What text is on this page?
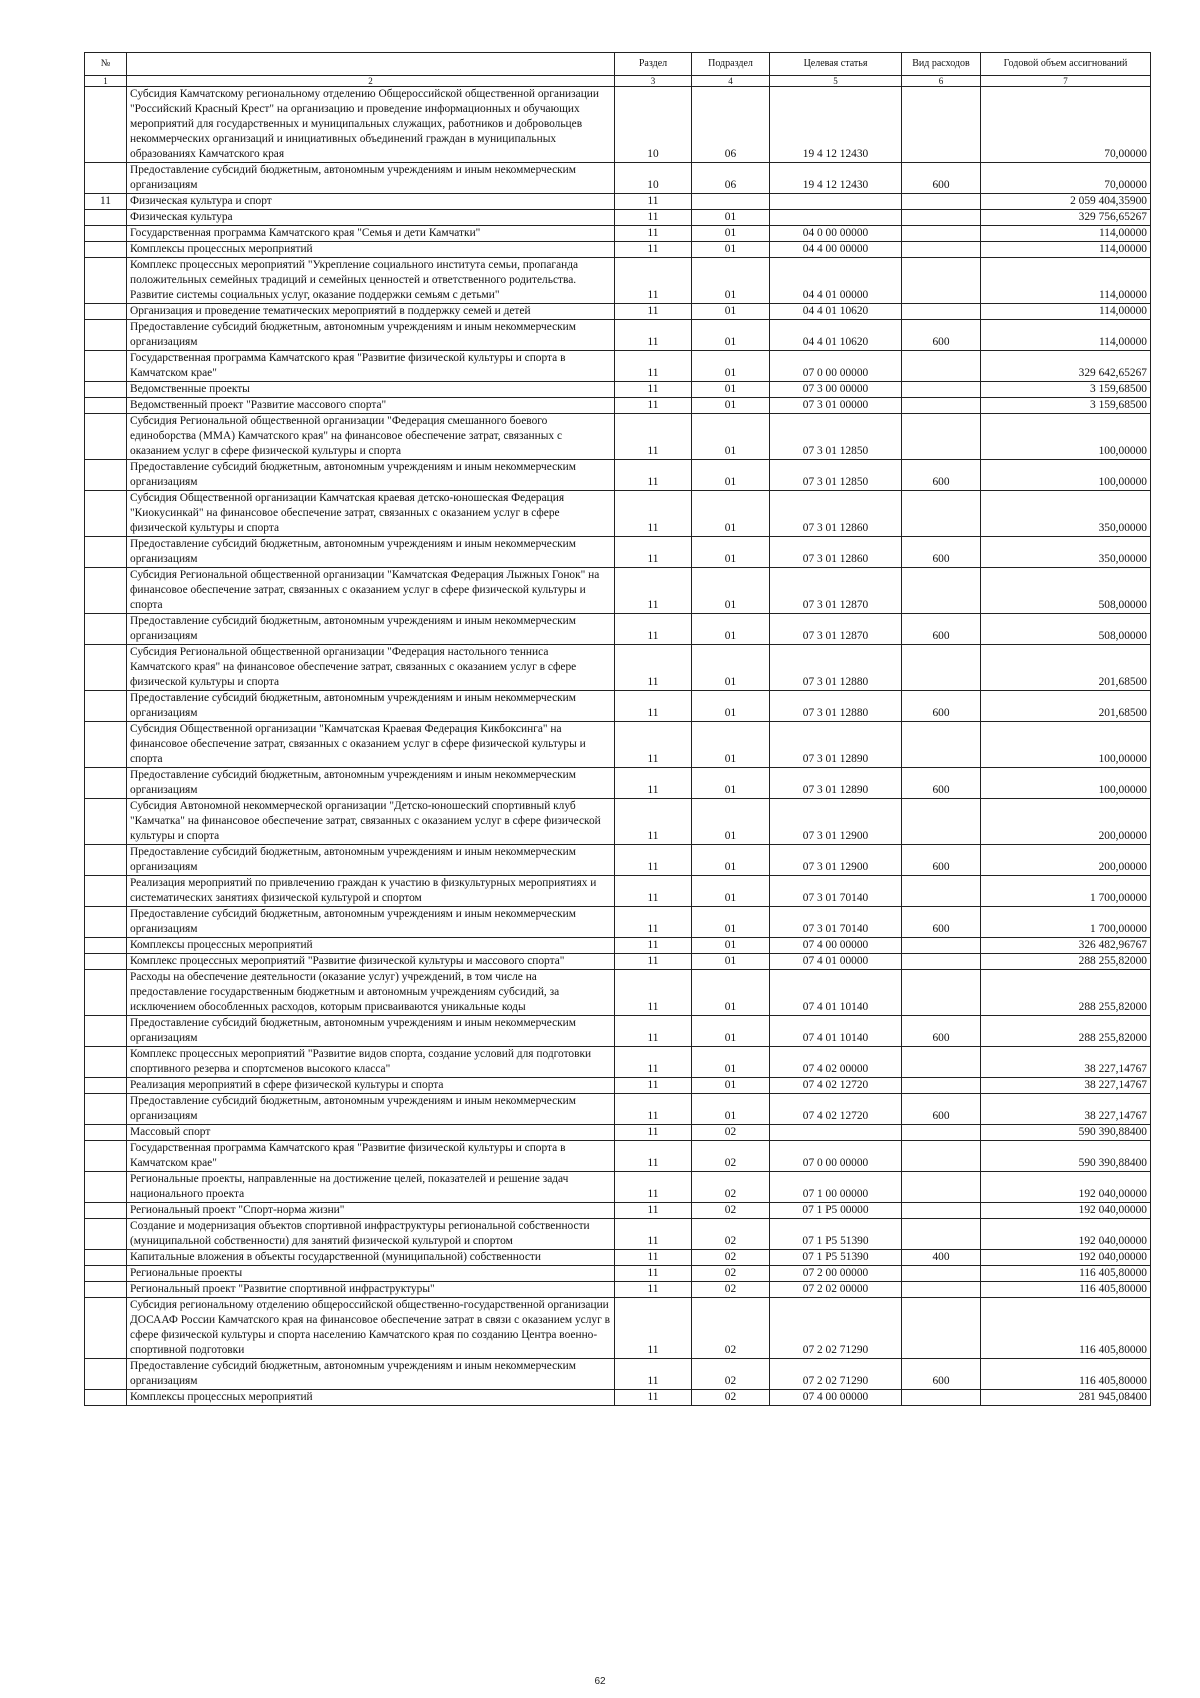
№		Раздел	Подраздел	Целевая статья	Вид расходов	Годовой объем ассигнований
1	2	3	4	5	6	7
	Субсидия Камчатскому региональному отделению Общероссийской общественной организации "Российский Красный Крест" на организацию и проведение информационных и обучающих мероприятий для государственных и муниципальных служащих, работников и добровольцев некоммерческих организаций и инициативных объединений граждан в муниципальных образованиях Камчатского края	10	06	19 4 12 12430		70,00000
	Предоставление субсидий бюджетным, автономным учреждениям и иным некоммерческим организациям	10	06	19 4 12 12430	600	70,00000
11	Физическая культура и спорт	11				2 059 404,35900
	Физическая культура	11	01			329 756,65267
	Государственная программа Камчатского края "Семья и дети Камчатки"	11	01	04 0 00 00000		114,00000
	Комплексы процессных мероприятий	11	01	04 4 00 00000		114,00000
	Комплекс процессных мероприятий "Укрепление социального института семьи, пропаганда положительных семейных традиций и семейных ценностей и ответственного родительства. Развитие системы социальных услуг, оказание поддержки семьям с детьми"	11	01	04 4 01 00000		114,00000
	Организация и проведение тематических мероприятий в поддержку семей и детей	11	01	04 4 01 10620		114,00000
	Предоставление субсидий бюджетным, автономным учреждениям и иным некоммерческим организациям	11	01	04 4 01 10620	600	114,00000
	Государственная программа Камчатского края "Развитие физической культуры и спорта в Камчатском крае"	11	01	07 0 00 00000		329 642,65267
	Ведомственные проекты	11	01	07 3 00 00000		3 159,68500
	Ведомственный проект "Развитие массового спорта"	11	01	07 3 01 00000		3 159,68500
	Субсидия Региональной общественной организации "Федерация смешанного боевого единоборства (ММА) Камчатского края" на финансовое обеспечение затрат, связанных с оказанием услуг в сфере физической культуры и спорта	11	01	07 3 01 12850		100,00000
	Предоставление субсидий бюджетным, автономным учреждениям и иным некоммерческим организациям	11	01	07 3 01 12850	600	100,00000
	Субсидия Общественной организации Камчатская краевая детско-юношеская Федерация "Киокусинкай" на финансовое обеспечение затрат, связанных с оказанием услуг в сфере физической культуры и спорта	11	01	07 3 01 12860		350,00000
	Предоставление субсидий бюджетным, автономным учреждениям и иным некоммерческим организациям	11	01	07 3 01 12860	600	350,00000
	Субсидия Региональной общественной организации "Камчатская Федерация Лыжных Гонок" на финансовое обеспечение затрат, связанных с оказанием услуг в сфере физической культуры и спорта	11	01	07 3 01 12870		508,00000
	Предоставление субсидий бюджетным, автономным учреждениям и иным некоммерческим организациям	11	01	07 3 01 12870	600	508,00000
	Субсидия Региональной общественной организации "Федерация настольного тенниса Камчатского края" на финансовое обеспечение затрат, связанных с оказанием услуг в сфере физической культуры и спорта	11	01	07 3 01 12880		201,68500
	Предоставление субсидий бюджетным, автономным учреждениям и иным некоммерческим организациям	11	01	07 3 01 12880	600	201,68500
	Субсидия Общественной организации "Камчатская Краевая Федерация Кикбоксинга" на финансовое обеспечение затрат, связанных с оказанием услуг в сфере физической культуры и спорта	11	01	07 3 01 12890		100,00000
	Предоставление субсидий бюджетным, автономным учреждениям и иным некоммерческим организациям	11	01	07 3 01 12890	600	100,00000
	Субсидия Автономной некоммерческой организации "Детско-юношеский спортивный клуб "Камчатка" на финансовое обеспечение затрат, связанных с оказанием услуг в сфере физической культуры и спорта	11	01	07 3 01 12900		200,00000
	Предоставление субсидий бюджетным, автономным учреждениям и иным некоммерческим организациям	11	01	07 3 01 12900	600	200,00000
	Реализация мероприятий по привлечению граждан к участию в физкультурных мероприятиях и систематических занятиях физической культурой и спортом	11	01	07 3 01 70140		1 700,00000
	Предоставление субсидий бюджетным, автономным учреждениям и иным некоммерческим организациям	11	01	07 3 01 70140	600	1 700,00000
	Комплексы процессных мероприятий	11	01	07 4 00 00000		326 482,96767
	Комплекс процессных мероприятий "Развитие физической культуры и массового спорта"	11	01	07 4 01 00000		288 255,82000
	Расходы на обеспечение деятельности (оказание услуг) учреждений, в том числе на предоставление государственным бюджетным и автономным учреждениям субсидий, за исключением обособленных расходов, которым присваиваются уникальные коды	11	01	07 4 01 10140		288 255,82000
	Предоставление субсидий бюджетным, автономным учреждениям и иным некоммерческим организациям	11	01	07 4 01 10140	600	288 255,82000
	Комплекс процессных мероприятий "Развитие видов спорта, создание условий для подготовки спортивного резерва и спортсменов высокого класса"	11	01	07 4 02 00000		38 227,14767
	Реализация мероприятий в сфере физической культуры и спорта	11	01	07 4 02 12720		38 227,14767
	Предоставление субсидий бюджетным, автономным учреждениям и иным некоммерческим организациям	11	01	07 4 02 12720	600	38 227,14767
	Массовый спорт	11	02			590 390,88400
	Государственная программа Камчатского края "Развитие физической культуры и спорта в Камчатском крае"	11	02	07 0 00 00000		590 390,88400
	Региональные проекты, направленные на достижение целей, показателей и решение задач национального проекта	11	02	07 1 00 00000		192 040,00000
	Региональный проект "Спорт-норма жизни"	11	02	07 1 P5 00000		192 040,00000
	Создание и модернизация объектов спортивной инфраструктуры региональной собственности (муниципальной собственности) для занятий физической культурой и спортом	11	02	07 1 P5 51390		192 040,00000
	Капитальные вложения в объекты государственной (муниципальной) собственности	11	02	07 1 P5 51390	400	192 040,00000
	Региональные проекты	11	02	07 2 00 00000		116 405,80000
	Региональный проект "Развитие спортивной инфраструктуры"	11	02	07 2 02 00000		116 405,80000
	Субсидия региональному отделению общероссийской общественно-государственной организации ДОСААФ России Камчатского края на финансовое обеспечение затрат в связи с оказанием услуг в сфере физической культуры и спорта населению Камчатского края по созданию Центра военно-спортивной подготовки	11	02	07 2 02 71290		116 405,80000
	Предоставление субсидий бюджетным, автономным учреждениям и иным некоммерческим организациям	11	02	07 2 02 71290	600	116 405,80000
	Комплексы процессных мероприятий	11	02	07 4 00 00000		281 945,08400
62
